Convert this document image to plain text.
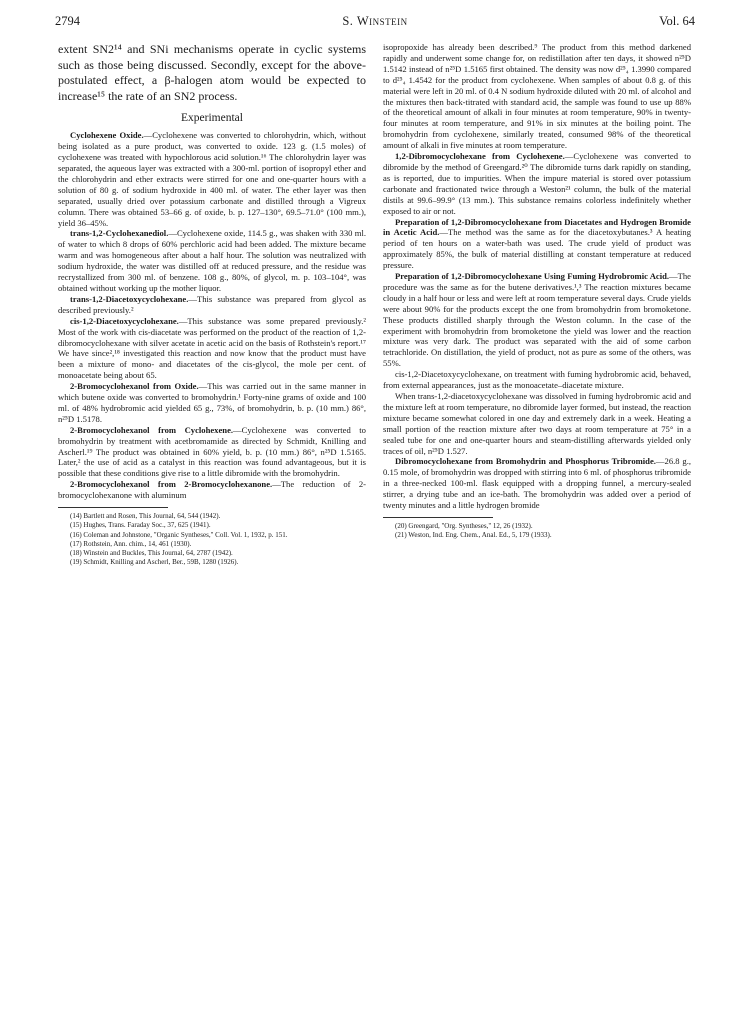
2794	S. Winstein	Vol. 64

extent SN2¹⁴ and SNi mechanisms operate in cyclic systems such as those being discussed. Secondly, except for the above-postulated effect, a β-halogen atom would be expected to increase¹⁵ the rate of an SN2 process.

Experimental

Cyclohexene Oxide.—Cyclohexene was converted to chlorohydrin, which, without being isolated as a pure product, was converted to oxide. 123 g. (1.5 moles) of cyclohexene was treated with hypochlorous acid solution.¹⁶ The chlorohydrin layer was separated, the aqueous layer was extracted with a 300-ml. portion of isopropyl ether and the chlorohydrin and ether extracts were stirred for one and one-quarter hours with a solution of 80 g. of sodium hydroxide in 400 ml. of water. The ether layer was then separated, usually dried over potassium carbonate and distilled through a Vigreux column. There was obtained 53–66 g. of oxide, b. p. 127–130°, 69.5–71.0° (100 mm.), yield 36–45%.

trans-1,2-Cyclohexanediol.—Cyclohexene oxide, 114.5 g., was shaken with 330 ml. of water to which 8 drops of 60% perchloric acid had been added. The mixture became warm and was homogeneous after about a half hour. The solution was neutralized with sodium hydroxide, the water was distilled off at reduced pressure, and the residue was recrystallized from 300 ml. of benzene. 108 g., 80%, of glycol, m. p. 103–104°, was obtained without working up the mother liquor.

trans-1,2-Diacetoxycyclohexane.—This substance was prepared from glycol as described previously.²

cis-1,2-Diacetoxycyclohexane.—This substance was some prepared previously.² Most of the work with cis-diacetate was performed on the product of the reaction of 1,2-dibromocyclohexane with silver acetate in acetic acid on the basis of Rothstein's report.¹⁷ We have since²,¹⁸ investigated this reaction and now know that the product must have been a mixture of mono- and diacetates of the cis-glycol, the mole per cent. of monoacetate being about 65.

2-Bromocyclohexanol from Oxide.—This was carried out in the same manner in which butene oxide was converted to bromohydrin.¹ Forty-nine grams of oxide and 100 ml. of 48% hydrobromic acid yielded 65 g., 73%, of bromohydrin, b. p. (10 mm.) 86°, n²⁵D 1.5178.

2-Bromocyclohexanol from Cyclohexene.—Cyclohexene was converted to bromohydrin by treatment with acetbromamide as directed by Schmidt, Knilling and Ascherl.¹⁹ The product was obtained in 60% yield, b. p. (10 mm.) 86°, n²⁵D 1.5165. Later,² the use of acid as a catalyst in this reaction was found advantageous, but it is possible that these conditions give rise to a little dibromide with the bromohydrin.

2-Bromocyclohexanol from 2-Bromocyclohexanone.—The reduction of 2-bromocyclohexanone with aluminum

(14) Bartlett and Rosen, This Journal, 64, 544 (1942).

(15) Hughes, Trans. Faraday Soc., 37, 625 (1941).

(16) Coleman and Johnstone, "Organic Syntheses," Coll. Vol. 1, 1932, p. 151.

(17) Rothstein, Ann. chim., 14, 461 (1930).

(18) Winstein and Buckles, This Journal, 64, 2787 (1942).

(19) Schmidt, Knilling and Ascherl, Ber., 59B, 1280 (1926).

isopropoxide has already been described.⁹ The product from this method darkened rapidly and underwent some change for, on redistillation after ten days, it showed n²⁵D 1.5142 instead of n²⁵D 1.5165 first obtained. The density was now d²⁵₄ 1.3990 compared to d²⁵₄ 1.4542 for the product from cyclohexene. When samples of about 0.8 g. of this material were left in 20 ml. of 0.4 N sodium hydroxide diluted with 20 ml. of alcohol and the mixtures then back-titrated with standard acid, the sample was found to use up 88% of the theoretical amount of alkali in four minutes at room temperature, 90% in twenty-four minutes at room temperature, and 91% in six minutes at the boiling point. The bromohydrin from cyclohexene, similarly treated, consumed 98% of the theoretical amount of alkali in five minutes at room temperature.

1,2-Dibromocyclohexane from Cyclohexene.—Cyclohexene was converted to dibromide by the method of Greengard.²⁰ The dibromide turns dark rapidly on standing, as is reported, due to impurities. When the impure material is stored over potassium carbonate and fractionated twice through a Weston²¹ column, the bulk of the material distils at 99.6–99.9° (13 mm.). This substance remains colorless indefinitely whether exposed to air or not.

Preparation of 1,2-Dibromocyclohexane from Diacetates and Hydrogen Bromide in Acetic Acid.—The method was the same as for the diacetoxybutanes.³ A heating period of ten hours on a water-bath was used. The crude yield of product was approximately 85%, the bulk of material distilling at constant temperature at reduced pressure.

Preparation of 1,2-Dibromocyclohexane Using Fuming Hydrobromic Acid.—The procedure was the same as for the butene derivatives.¹,³ The reaction mixtures became cloudy in a half hour or less and were left at room temperature several days. Crude yields were about 90% for the products except the one from bromohydrin from bromoketone. These products distilled sharply through the Weston column. In the case of the experiment with bromohydrin from bromoketone the yield was lower and the reaction mixture was very dark. The product was separated with the aid of some carbon tetrachloride. On distillation, the yield of product, not as pure as some of the others, was 55%.

cis-1,2-Diacetoxycyclohexane, on treatment with fuming hydrobromic acid, behaved, from external appearances, just as the monoacetate–diacetate mixture.

When trans-1,2-diacetoxycyclohexane was dissolved in fuming hydrobromic acid and the mixture left at room temperature, no dibromide layer formed, but instead, the reaction mixture became somewhat colored in one day and extremely dark in a week. Heating a small portion of the reaction mixture after two days at room temperature at 75° in a sealed tube for one and one-quarter hours and steam-distilling afterwards yielded only traces of oil, n²⁵D 1.527.

Dibromocyclohexane from Bromohydrin and Phosphorus Tribromide.—26.8 g., 0.15 mole, of bromohydrin was dropped with stirring into 6 ml. of phosphorus tribromide in a three-necked 100-ml. flask equipped with a dropping funnel, a mercury-sealed stirrer, a drying tube and an ice-bath. The bromohydrin was added over a period of twenty minutes and a little hydrogen bromide

(20) Greengard, "Org. Syntheses," 12, 26 (1932).

(21) Weston, Ind. Eng. Chem., Anal. Ed., 5, 179 (1933).
